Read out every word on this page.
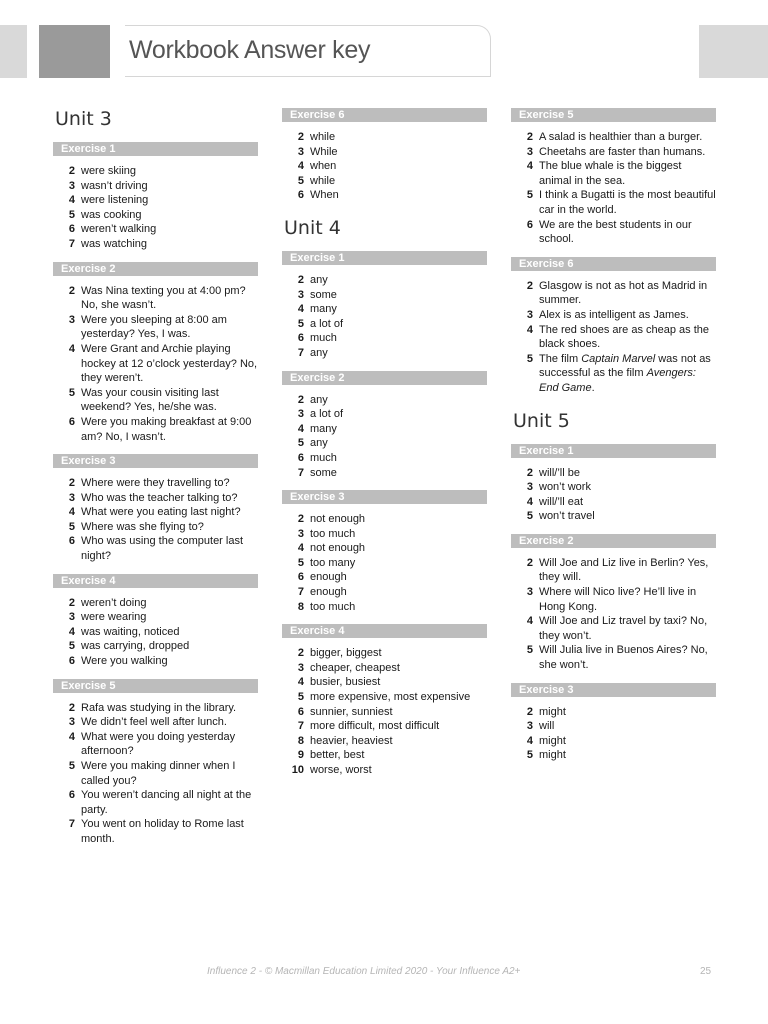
Workbook Answer key
Unit 3
Exercise 1
2 were skiing
3 wasn’t driving
4 were listening
5 was cooking
6 weren’t walking
7 was watching
Exercise 2
2 Was Nina texting you at 4:00 pm? No, she wasn’t.
3 Were you sleeping at 8:00 am yesterday? Yes, I was.
4 Were Grant and Archie playing hockey at 12 o’clock yesterday? No, they weren’t.
5 Was your cousin visiting last weekend? Yes, he/she was.
6 Were you making breakfast at 9:00 am? No, I wasn’t.
Exercise 3
2 Where were they travelling to?
3 Who was the teacher talking to?
4 What were you eating last night?
5 Where was she flying to?
6 Who was using the computer last night?
Exercise 4
2 weren’t doing
3 were wearing
4 was waiting, noticed
5 was carrying, dropped
6 Were you walking
Exercise 5
2 Rafa was studying in the library.
3 We didn’t feel well after lunch.
4 What were you doing yesterday afternoon?
5 Were you making dinner when I called you?
6 You weren’t dancing all night at the party.
7 You went on holiday to Rome last month.
Exercise 6
2 while
3 While
4 when
5 while
6 When
Unit 4
Exercise 1
2 any
3 some
4 many
5 a lot of
6 much
7 any
Exercise 2
2 any
3 a lot of
4 many
5 any
6 much
7 some
Exercise 3
2 not enough
3 too much
4 not enough
5 too many
6 enough
7 enough
8 too much
Exercise 4
2 bigger, biggest
3 cheaper, cheapest
4 busier, busiest
5 more expensive, most expensive
6 sunnier, sunniest
7 more difficult, most difficult
8 heavier, heaviest
9 better, best
10 worse, worst
Exercise 5
2 A salad is healthier than a burger.
3 Cheetahs are faster than humans.
4 The blue whale is the biggest animal in the sea.
5 I think a Bugatti is the most beautiful car in the world.
6 We are the best students in our school.
Exercise 6
2 Glasgow is not as hot as Madrid in summer.
3 Alex is as intelligent as James.
4 The red shoes are as cheap as the black shoes.
5 The film Captain Marvel was not as successful as the film Avengers: End Game.
Unit 5
Exercise 1
2 will/’ll be
3 won’t work
4 will/’ll eat
5 won’t travel
Exercise 2
2 Will Joe and Liz live in Berlin? Yes, they will.
3 Where will Nico live? He’ll live in Hong Kong.
4 Will Joe and Liz travel by taxi? No, they won’t.
5 Will Julia live in Buenos Aires? No, she won’t.
Exercise 3
2 might
3 will
4 might
5 might
Influence 2 - © Macmillan Education Limited 2020 - Your Influence A2+	25
